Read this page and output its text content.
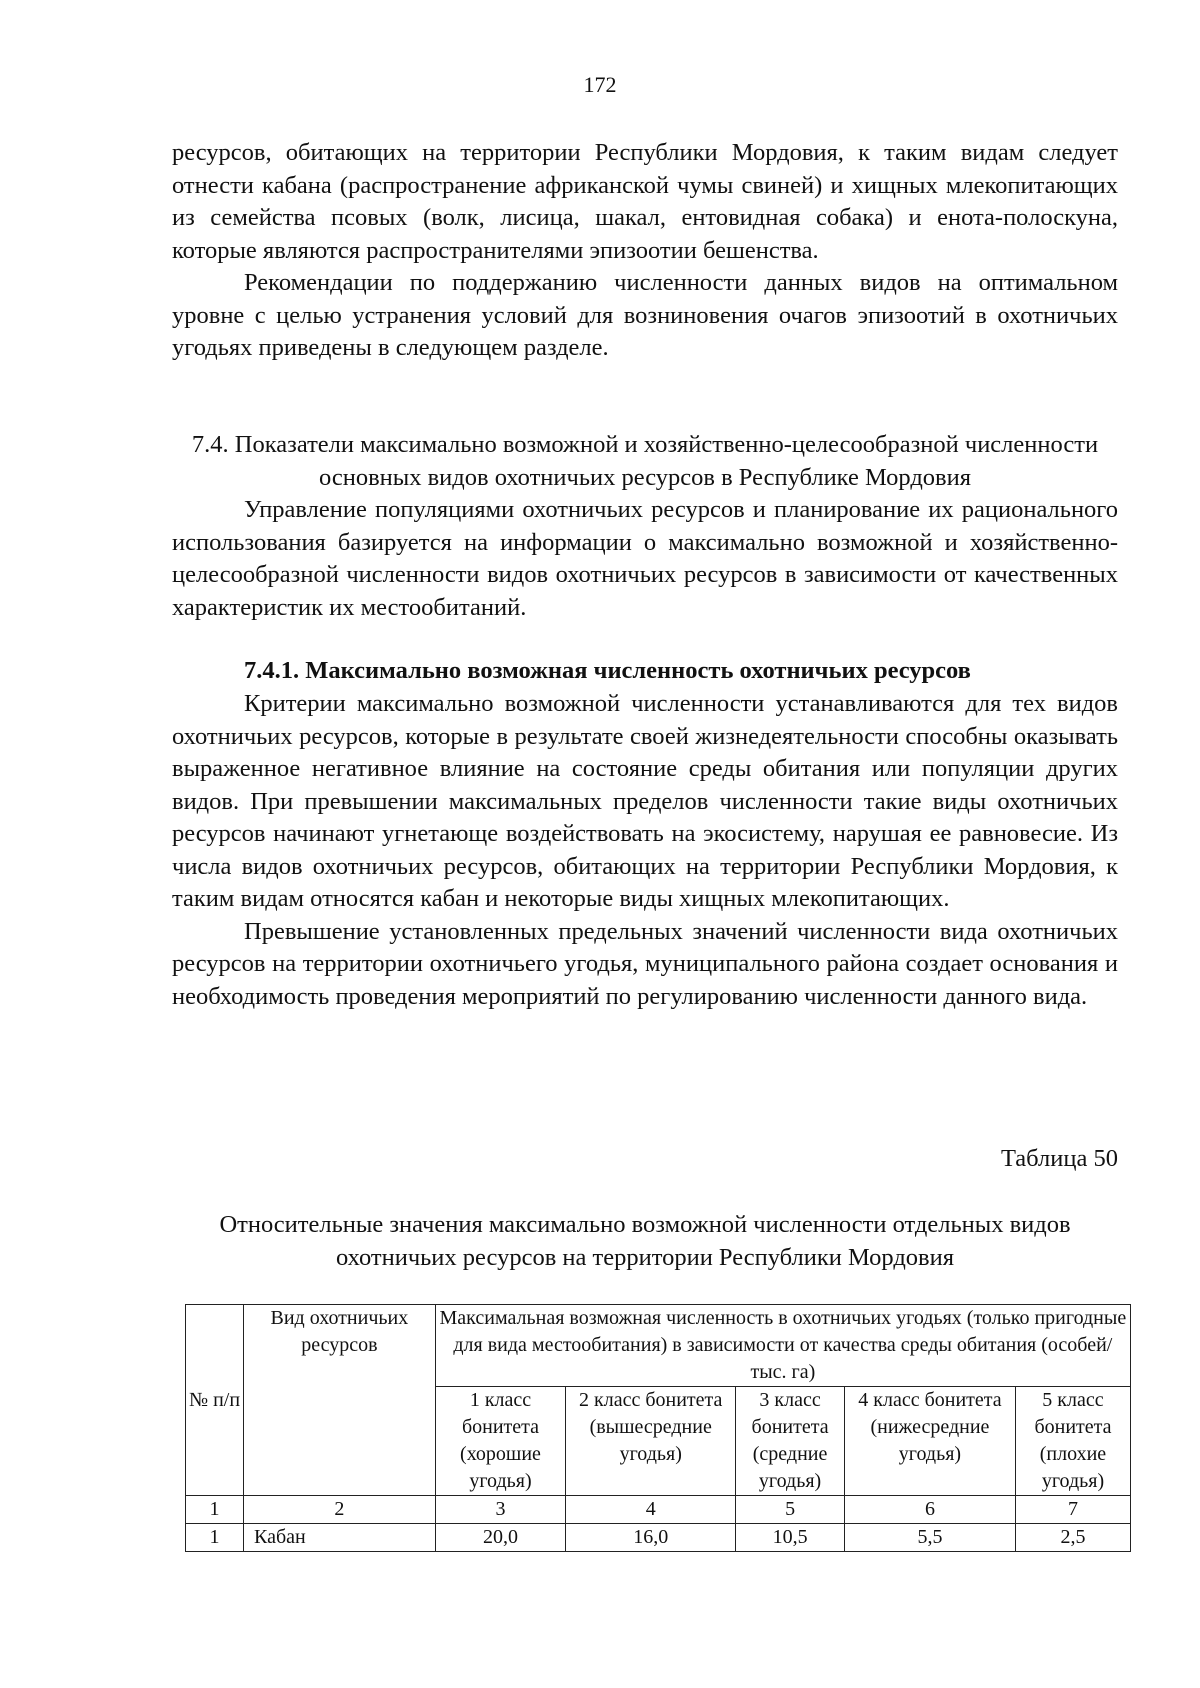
172

ресурсов, обитающих на территории Республики Мордовия, к таким видам следует отнести кабана (распространение африканской чумы свиней) и хищных млекопитающих из семейства псовых (волк, лисица, шакал, ентовидная собака) и енота-полоскуна, которые являются распространителями эпизоотии бешенства.

Рекомендации по поддержанию численности данных видов на оптимальном уровне с целью устранения условий для возниновения очагов эпизоотий в охотничьих угодьях приведены в следующем разделе.

7.4. Показатели максимально возможной и хозяйственно-целесообразной численности основных видов охотничьих ресурсов в Республике Мордовия

Управление популяциями охотничьих ресурсов и планирование их рационального использования базируется на информации о максимально возможной и хозяйственно-целесообразной численности видов охотничьих ресурсов в зависимости от качественных характеристик их местообитаний.

7.4.1. Максимально возможная численность охотничьих ресурсов

Критерии максимально возможной численности устанавливаются для тех видов охотничьих ресурсов, которые в результате своей жизнедеятельности способны оказывать выраженное негативное влияние на состояние среды обитания или популяции других видов. При превышении максимальных пределов численности такие виды охотничьих ресурсов начинают угнетающе воздействовать на экосистему, нарушая ее равновесие. Из числа видов охотничьих ресурсов, обитающих на территории Республики Мордовия, к таким видам относятся кабан и некоторые виды хищных млекопитающих.

Превышение установленных предельных значений численности вида охотничьих ресурсов на территории охотничьего угодья, муниципального района создает основания и необходимость проведения мероприятий по регулированию численности данного вида.

Таблица 50
Относительные значения максимально возможной численности отдельных видов охотничьих ресурсов на территории Республики Мордовия
№ п/п	Вид охотничьих ресурсов	Максимальная возможная численность в охотничьих угодьях (только пригодные для вида местообитания) в зависимости от качества среды обитания (особей/тыс. га)				
		1 класс бонитета (хорошие угодья)	2 класс бонитета (вышесредние угодья)	3 класс бонитета (средние угодья)	4 класс бонитета (нижесредние угодья)	5 класс бонитета (плохие угодья)
1	2	3	4	5	6	7
1	Кабан	20,0	16,0	10,5	5,5	2,5
